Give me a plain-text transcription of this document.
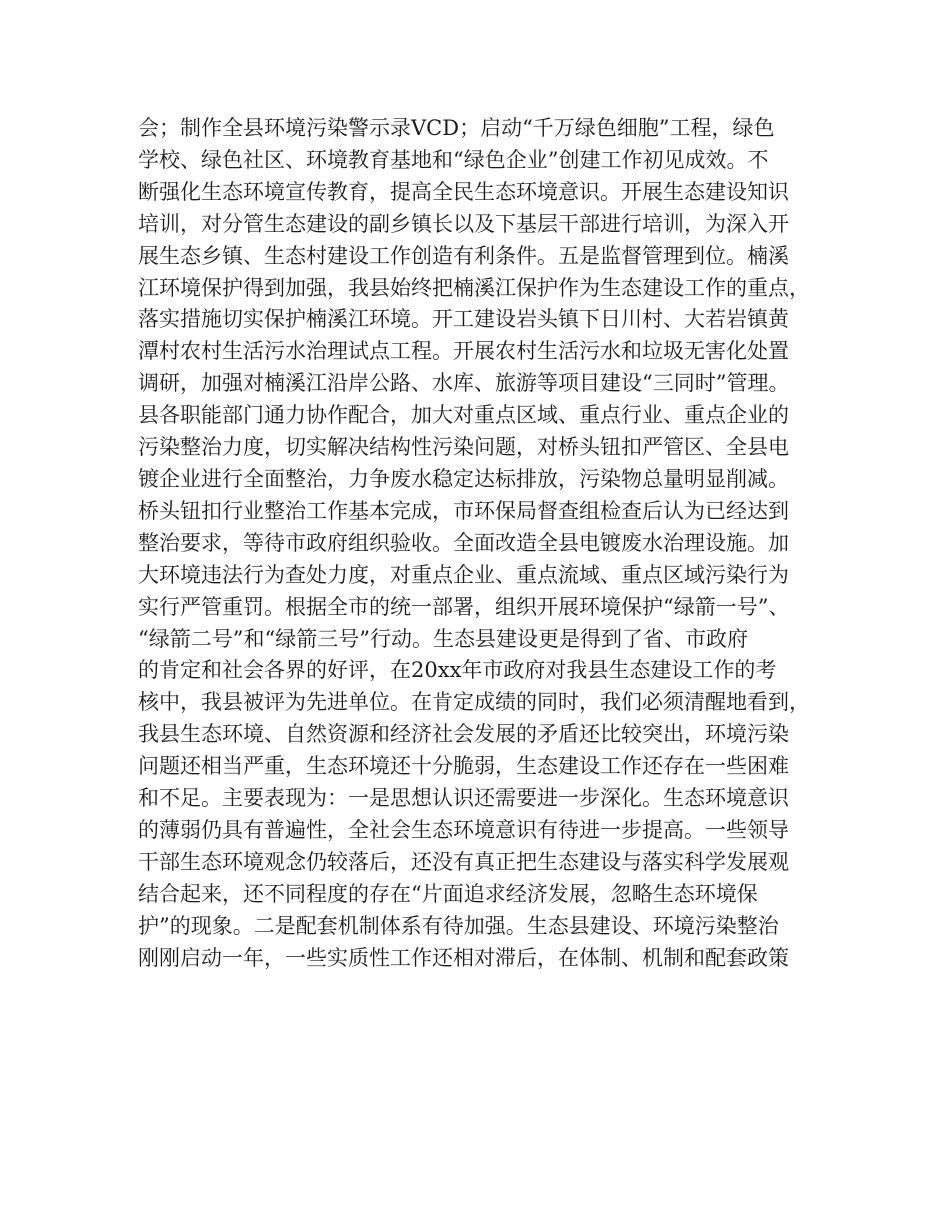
会；制作全县环境污染警示录VCD；启动“千万绿色细胞”工程，绿色
学校、绿色社区、环境教育基地和“绿色企业”创建工作初见成效。不
断强化生态环境宣传教育，提高全民生态环境意识。开展生态建设知识
培训，对分管生态建设的副乡镇长以及下基层干部进行培训，为深入开
展生态乡镇、生态村建设工作创造有利条件。五是监督管理到位。楠溪
江环境保护得到加强，我县始终把楠溪江保护作为生态建设工作的重点，
落实措施切实保护楠溪江环境。开工建设岩头镇下日川村、大若岩镇黄
潭村农村生活污水治理试点工程。开展农村生活污水和垃圾无害化处置
调研，加强对楠溪江沿岸公路、水库、旅游等项目建设“三同时”管理。
县各职能部门通力协作配合，加大对重点区域、重点行业、重点企业的
污染整治力度，切实解决结构性污染问题，对桥头钮扣严管区、全县电
镀企业进行全面整治，力争废水稳定达标排放，污染物总量明显削减。
桥头钮扣行业整治工作基本完成，市环保局督查组检查后认为已经达到
整治要求，等待市政府组织验收。全面改造全县电镀废水治理设施。加
大环境违法行为查处力度，对重点企业、重点流域、重点区域污染行为
实行严管重罚。根据全市的统一部署，组织开展环境保护“绿箭一号”、
“绿箭二号”和“绿箭三号”行动。生态县建设更是得到了省、市政府
的肯定和社会各界的好评，在20xx年市政府对我县生态建设工作的考
核中，我县被评为先进单位。在肯定成绩的同时，我们必须清醒地看到，
我县生态环境、自然资源和经济社会发展的矛盾还比较突出，环境污染
问题还相当严重，生态环境还十分脆弱，生态建设工作还存在一些困难
和不足。主要表现为：一是思想认识还需要进一步深化。生态环境意识
的薄弱仍具有普遍性，全社会生态环境意识有待进一步提高。一些领导
干部生态环境观念仍较落后，还没有真正把生态建设与落实科学发展观
结合起来，还不同程度的存在“片面追求经济发展，忽略生态环境保
护”的现象。二是配套机制体系有待加强。生态县建设、环境污染整治
刚刚启动一年，一些实质性工作还相对滞后，在体制、机制和配套政策
